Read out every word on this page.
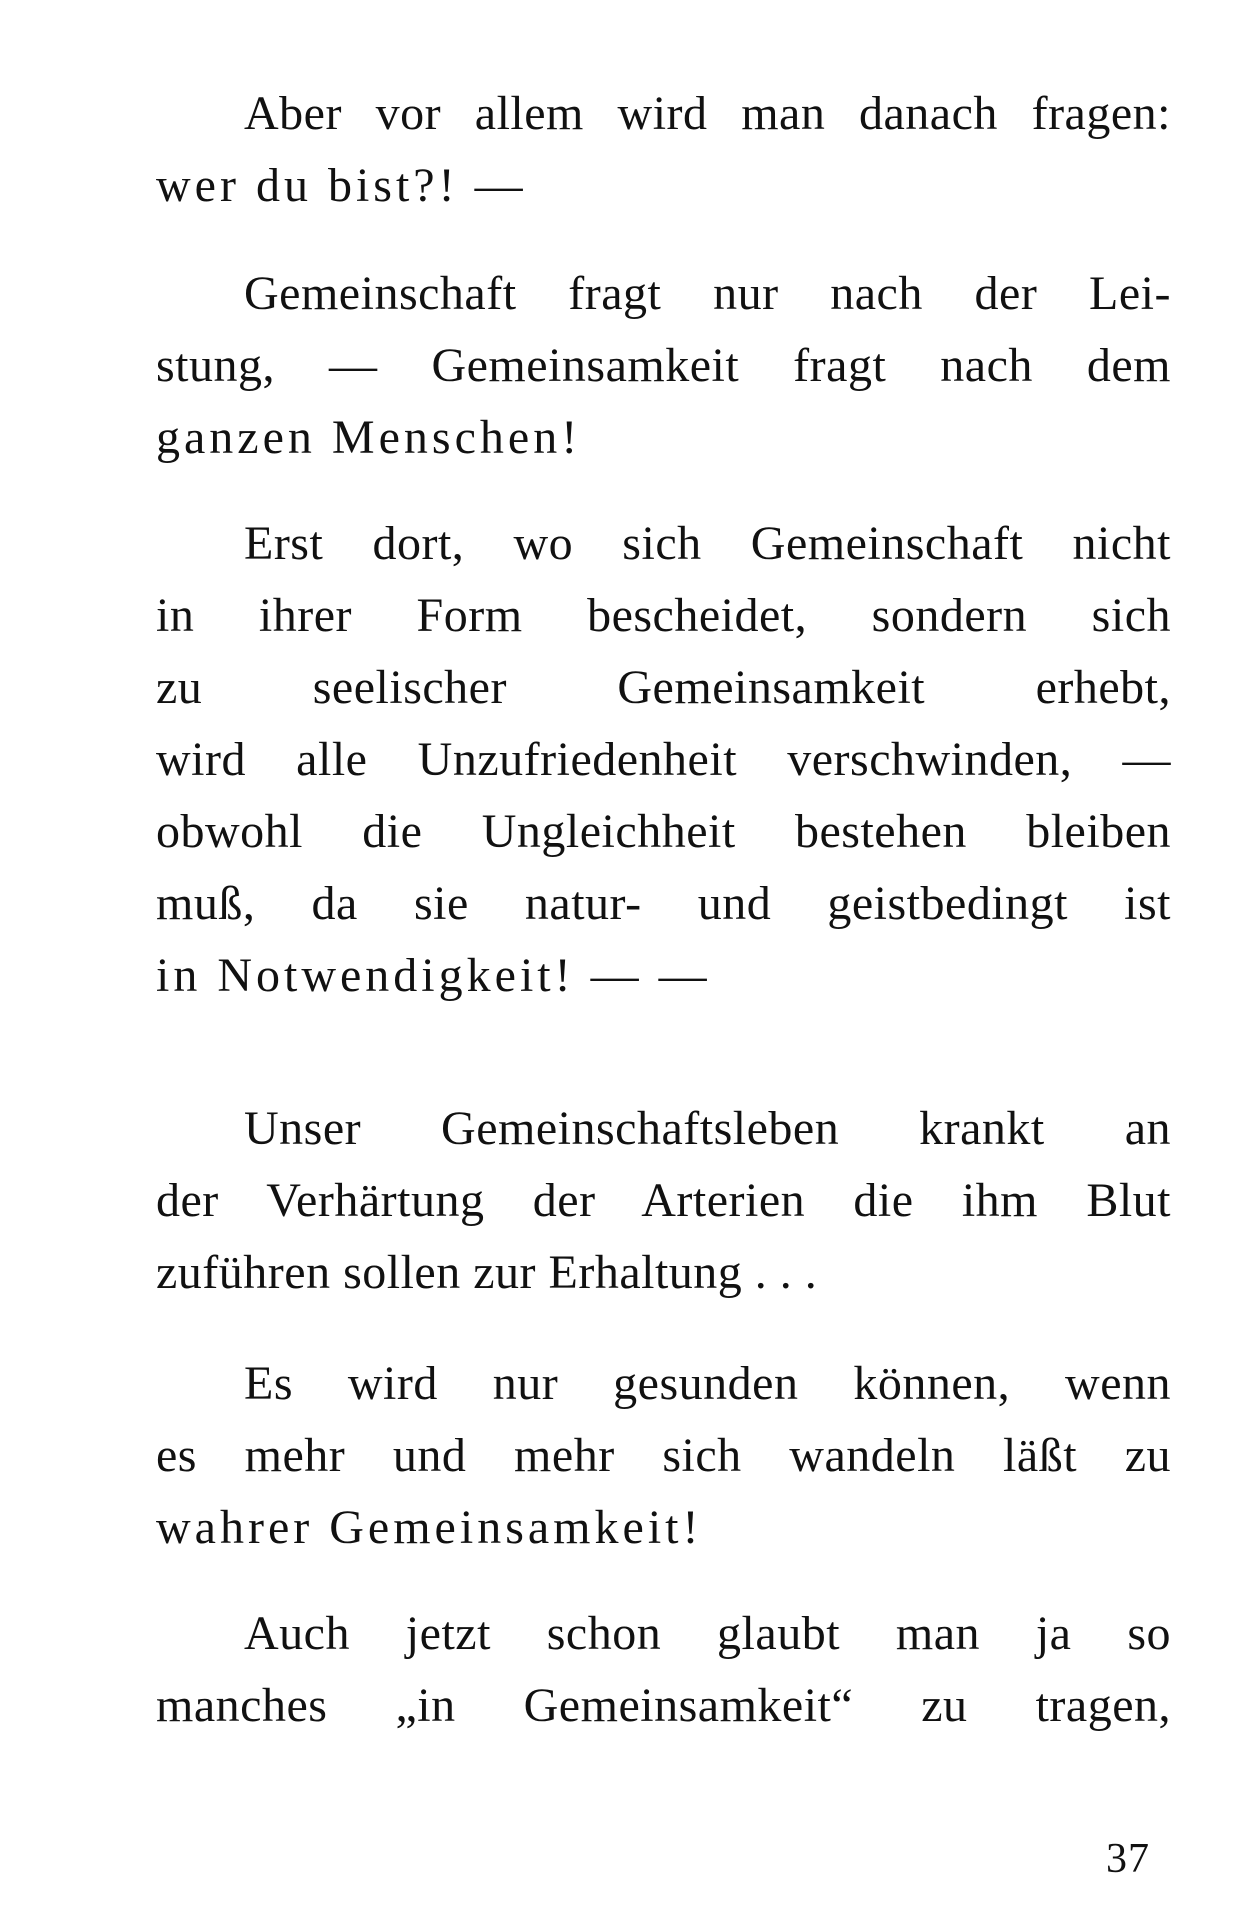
Aber vor allem wird man danach fragen:
wer du bist?! —
Gemeinschaft fragt nur nach der Lei-
stung, — Gemeinsamkeit fragt nach dem
ganzen Menschen!
Erst dort, wo sich Gemeinschaft nicht
in ihrer Form bescheidet, sondern sich
zu seelischer Gemeinsamkeit erhebt,
wird alle Unzufriedenheit verschwinden, —
obwohl die Ungleichheit bestehen bleiben
muß, da sie natur- und geistbedingt ist
in Notwendigkeit! — —
Unser Gemeinschaftsleben krankt an
der Verhärtung der Arterien die ihm Blut
zuführen sollen zur Erhaltung . . .
Es wird nur gesunden können, wenn
es mehr und mehr sich wandeln läßt zu
wahrer Gemeinsamkeit!
Auch jetzt schon glaubt man ja so
manches „in Gemeinsamkeit“ zu tragen,
37
